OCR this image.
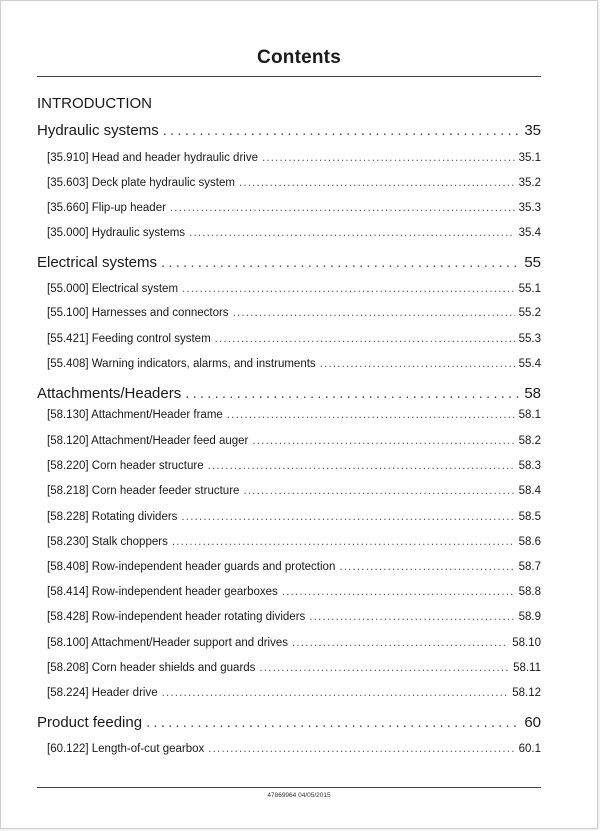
Contents
INTRODUCTION
Hydraulic systems . . .	35
[35.910] Head and header hydraulic drive . . .	35.1
[35.603] Deck plate hydraulic system . . .	35.2
[35.660] Flip-up header . . .	35.3
[35.000] Hydraulic systems . . .	35.4
Electrical systems . . .	55
[55.000] Electrical system . . .	55.1
[55.100] Harnesses and connectors . . .	55.2
[55.421] Feeding control system . . .	55.3
[55.408] Warning indicators, alarms, and instruments . . .	55.4
Attachments/Headers . . .	58
[58.130] Attachment/Header frame . . .	58.1
[58.120] Attachment/Header feed auger . . .	58.2
[58.220] Corn header structure . . .	58.3
[58.218] Corn header feeder structure . . .	58.4
[58.228] Rotating dividers . . .	58.5
[58.230] Stalk choppers . . .	58.6
[58.408] Row-independent header guards and protection . . .	58.7
[58.414] Row-independent header gearboxes . . .	58.8
[58.428] Row-independent header rotating dividers . . .	58.9
[58.100] Attachment/Header support and drives . . .	58.10
[58.208] Corn header shields and guards . . .	58.11
[58.224] Header drive . . .	58.12
Product feeding . . .	60
[60.122] Length-of-cut gearbox . . .	60.1
47869964 04/05/2015
